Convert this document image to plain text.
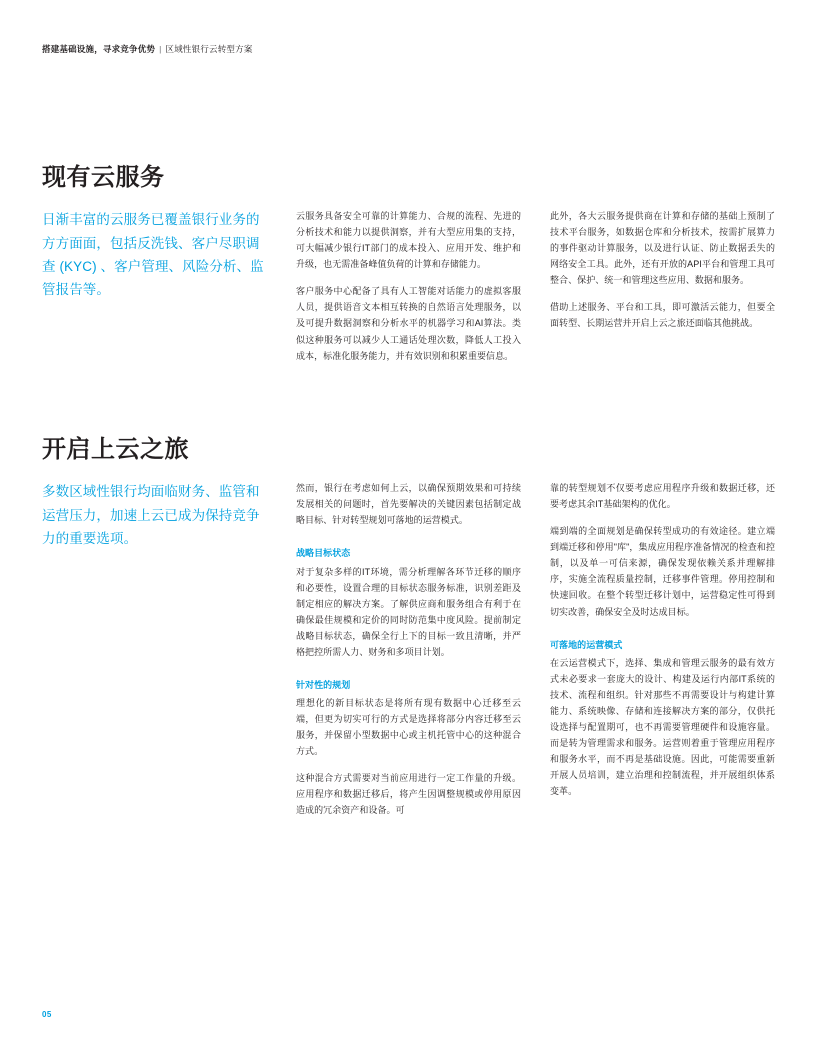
搭建基础设施，寻求竞争优势 | 区域性银行云转型方案
现有云服务
日渐丰富的云服务已覆盖银行业务的方方面面，包括反洗钱、客户尽职调查 (KYC) 、客户管理、风险分析、监管报告等。

云服务具备安全可靠的计算能力、合规的流程、先进的分析技术和能力以提供洞察，并有大型应用集的支持，可大幅减少银行IT部门的成本投入、应用开发、维护和升级，也无需准备峰值负荷的计算和存储能力。

客户服务中心配备了具有人工智能对话能力的虚拟客服人员，提供语音文本相互转换的自然语言处理服务，以及可提升数据洞察和分析水平的机器学习和AI算法。类似这种服务可以减少人工通话处理次数，降低人工投入成本，标准化服务能力，并有效识别和积累重要信息。

此外，各大云服务提供商在计算和存储的基础上预制了技术平台服务，如数据仓库和分析技术，按需扩展算力的事件驱动计算服务，以及进行认证、防止数据丢失的网络安全工具。此外，还有开放的API平台和管理工具可整合、保护、统一和管理这些应用、数据和服务。

借助上述服务、平台和工具，即可激活云能力，但要全面转型、长期运营并开启上云之旅还面临其他挑战。

开启上云之旅
多数区域性银行均面临财务、监管和运营压力，加速上云已成为保持竞争力的重要选项。

然而，银行在考虑如何上云，以确保预期效果和可持续发展相关的问题时，首先要解决的关键因素包括制定战略目标、针对转型规划可落地的运营模式。

战略目标状态

对于复杂多样的IT环境，需分析理解各环节迁移的顺序和必要性，设置合理的目标状态服务标准，识别差距及制定相应的解决方案。了解供应商和服务组合有利于在确保最佳规模和定价的同时防范集中度风险。提前制定战略目标状态，确保全行上下的目标一致且清晰，并严格把控所需人力、财务和多项目计划。

针对性的规划

理想化的新目标状态是将所有现有数据中心迁移至云端，但更为切实可行的方式是选择将部分内容迁移至云服务，并保留小型数据中心或主机托管中心的这种混合方式。

这种混合方式需要对当前应用进行一定工作量的升级。应用程序和数据迁移后，将产生因调整规模或停用原因造成的冗余资产和设备。可

靠的转型规划不仅要考虑应用程序升级和数据迁移，还要考虑其余IT基础架构的优化。

端到端的全面规划是确保转型成功的有效途径。建立端到端迁移和停用"库"，集成应用程序准备情况的检查和控制，以及单一可信来源，确保发现依赖关系并理解排序，实施全流程质量控制，迁移事件管理。停用控制和快速回收。在整个转型迁移计划中，运营稳定性可得到切实改善，确保安全及时达成目标。

可落地的运营模式

在云运营模式下，选择、集成和管理云服务的最有效方式未必要求一套庞大的设计、构建及运行内部IT系统的技术、流程和组织。针对那些不再需要设计与构建计算能力、系统映像、存储和连接解决方案的部分，仅供托设选择与配置期可，也不再需要管理硬件和设施容量。而是转为管理需求和服务。运营则着重于管理应用程序和服务水平，而不再是基础设施。因此，可能需要重新开展人员培训，建立治理和控制流程，并开展组织体系变革。

05
